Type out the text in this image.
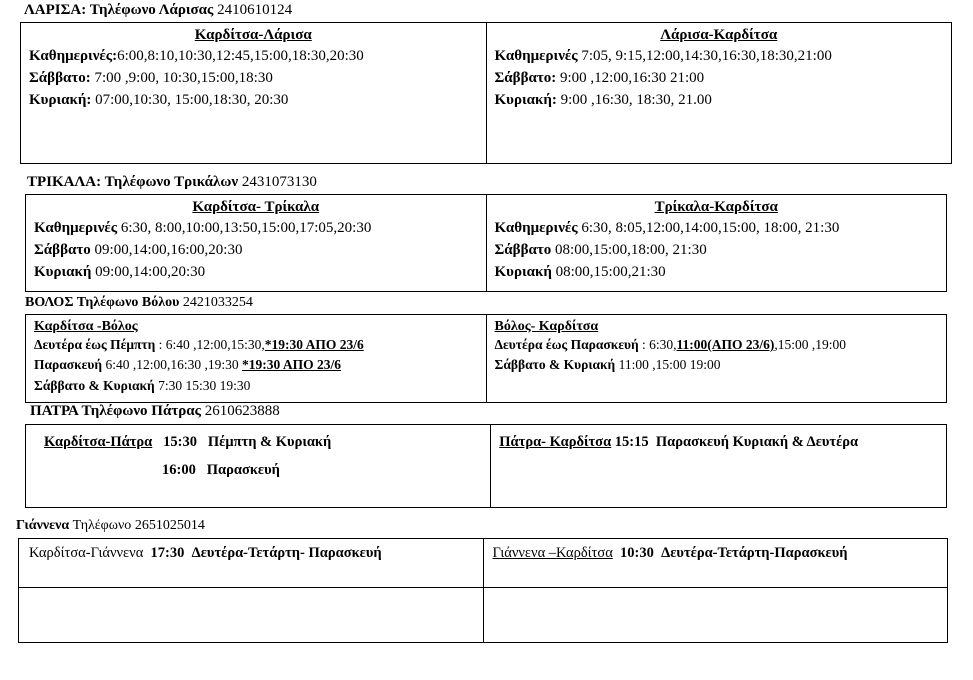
ΛΑΡΙΣΑ: Τηλέφωνο Λάρισας 2410610124
Καρδίτσα-Λάρισα
Καθημερινές:6:00,8:10,10:30,12:45,15:00,18:30,20:30
Σάββατο: 7:00 ,9:00, 10:30,15:00,18:30
Κυριακή: 07:00,10:30, 15:00,18:30, 20:30

Λάρισα-Καρδίτσα
Καθημερινές 7:05, 9:15,12:00,14:30,16:30,18:30,21:00
Σάββατο: 9:00 ,12:00,16:30 21:00
Κυριακή: 9:00 ,16:30, 18:30, 21.00
ΤΡΙΚΑΛΑ: Τηλέφωνο Τρικάλων 2431073130
Καρδίτσα- Τρίκαλα
Καθημερινές 6:30, 8:00,10:00,13:50,15:00,17:05,20:30
Σάββατο 09:00,14:00,16:00,20:30
Κυριακή 09:00,14:00,20:30

Τρίκαλα-Καρδίτσα
Καθημερινές 6:30, 8:05,12:00,14:00,15:00, 18:00, 21:30
Σάββατο 08:00,15:00,18:00, 21:30
Κυριακή 08:00,15:00,21:30
ΒΟΛΟΣ Τηλέφωνο Βόλου 2421033254
Καρδίτσα -Βόλος
Δευτέρα έως Πέμπτη : 6:40 ,12:00,15:30,*19:30 ΑΠΟ 23/6
Παρασκευή 6:40 ,12:00,16:30 ,19:30 *19:30 ΑΠΟ 23/6
Σάββατο & Κυριακή 7:30 15:30 19:30

Βόλος- Καρδίτσα
Δευτέρα έως Παρασκευή : 6:30,11:00(ΑΠΟ 23/6),15:00 ,19:00
Σάββατο & Κυριακή 11:00 ,15:00 19:00
ΠΑΤΡΑ Τηλέφωνο Πάτρας 2610623888
Καρδίτσα-Πάτρα 15:30 Πέμπτη & Κυριακή
16:00 Παρασκευή

Πάτρα- Καρδίτσα 15:15 Παρασκευή Κυριακή & Δευτέρα
Γιάννενα Τηλέφωνο 2651025014
Καρδίτσα-Γιάννενα 17:30 Δευτέρα-Τετάρτη- Παρασκευή	Γιάννενα –Καρδίτσα 10:30 Δευτέρα-Τετάρτη-Παρασκευή
